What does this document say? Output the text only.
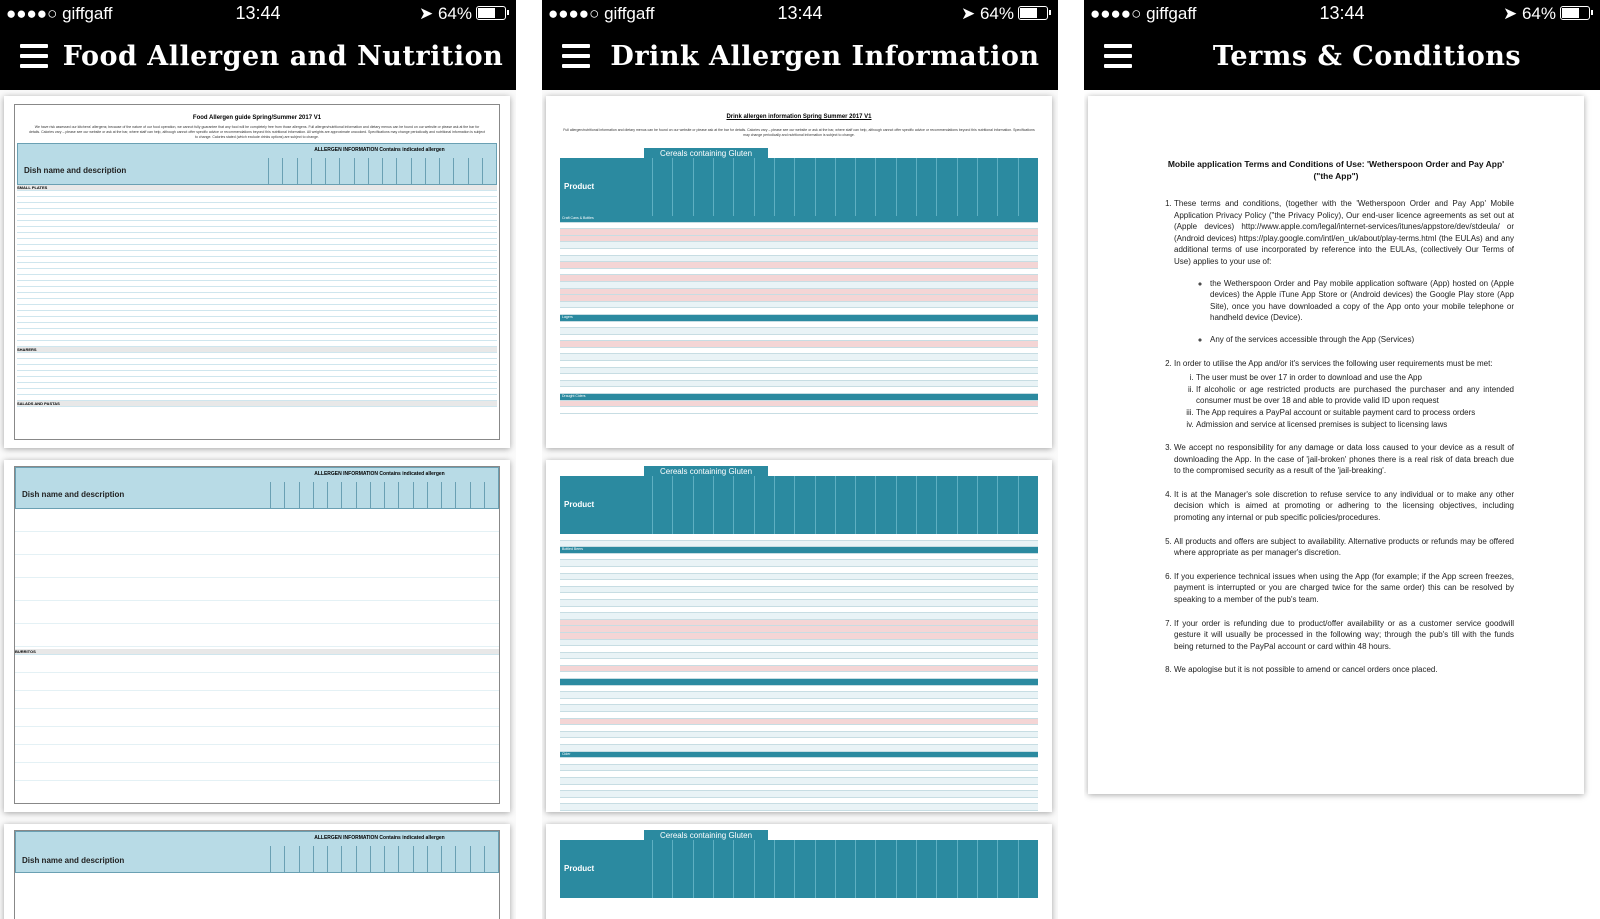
●●●●○ giffgaff	13:44	➤ 64%
Food Allergen and Nutrition
Food Allergen guide Spring/Summer 2017 V1
We have risk assessed our kitchens' allergens; because of the nature of our food operation, we cannot fully guarantee that any food will be completely free from those allergens. Full allergen/nutritional information and dietary menus can be found on our website or please ask at the bar for details. Calories vary – please see our website or ask at the bar, where staff can help, although cannot offer specific advice or recommendations beyond this nutritional information. All weights are approximate uncooked. Specifications may change periodically and nutritional information is subject to change. Calories stated (which exclude drinks options) are subject to change.
Dish name and description
ALLERGEN INFORMATION Contains indicated allergen
SMALL PLATES
SHARERS
SALADS AND PASTAS
Dish name and description
ALLERGEN INFORMATION Contains indicated allergen
BURRITOS
Dish name and description
ALLERGEN INFORMATION Contains indicated allergen
●●●●○ giffgaff	13:44	➤ 64%
Drink Allergen Information
Drink allergen information Spring Summer 2017 V1
Full allergen/nutritional information and dietary menus can be found on our website or please ask at the bar for details. Calories vary – please see our website or ask at the bar, where staff can help, although cannot offer specific advice or recommendations beyond this nutritional information. Specifications may change periodically and nutritional information is subject to change.
Cereals containing Gluten
Product
Craft Cans & Bottles
Lagers
Draught Ciders
Cereals containing Gluten
Product
Bottled Beers
Cider
Cereals containing Gluten
Product
●●●●○ giffgaff	13:44	➤ 64%
Terms & Conditions
Mobile application Terms and Conditions of Use: 'Wetherspoon Order and Pay App' ("the App")
1. These terms and conditions, (together with the 'Wetherspoon Order and Pay App' Mobile Application Privacy Policy ("the Privacy Policy), Our end-user licence agreements as set out at (Apple devices) http://www.apple.com/legal/internet-services/itunes/appstore/dev/stdeula/ or (Android devices) https://play.google.com/intl/en_uk/about/play-terms.html (the EULAs) and any additional terms of use incorporated by reference into the EULAs, (collectively Our Terms of Use) applies to your use of:
◦ the Wetherspoon Order and Pay mobile application software (App) hosted on (Apple devices) the Apple iTune App Store or (Android devices) the Google Play store (App Site), once you have downloaded a copy of the App onto your mobile telephone or handheld device (Device).
◦ Any of the services accessible through the App (Services)
2. In order to utilise the App and/or it's services the following user requirements must be met:
i. The user must be over 17 in order to download and use the App
ii. If alcoholic or age restricted products are purchased the purchaser and any intended consumer must be over 18 and able to provide valid ID upon request
iii. The App requires a PayPal account or suitable payment card to process orders
iv. Admission and service at licensed premises is subject to licensing laws
3. We accept no responsibility for any damage or data loss caused to your device as a result of downloading the App. In the case of 'jail-broken' phones there is a real risk of data breach due to the compromised security as a result of the 'jail-breaking'.
4. It is at the Manager's sole discretion to refuse service to any individual or to make any other decision which is aimed at promoting or adhering to the licensing objectives, including promoting any internal or pub specific policies/procedures.
5. All products and offers are subject to availability. Alternative products or refunds may be offered where appropriate as per manager's discretion.
6. If you experience technical issues when using the App (for example; if the App screen freezes, payment is interrupted or you are charged twice for the same order) this can be resolved by speaking to a member of the pub's team.
7. If your order is refunding due to product/offer availability or as a customer service goodwill gesture it will usually be processed in the following way; through the pub's till with the funds being returned to the PayPal account or card within 48 hours.
8. We apologise but it is not possible to amend or cancel orders once placed.
